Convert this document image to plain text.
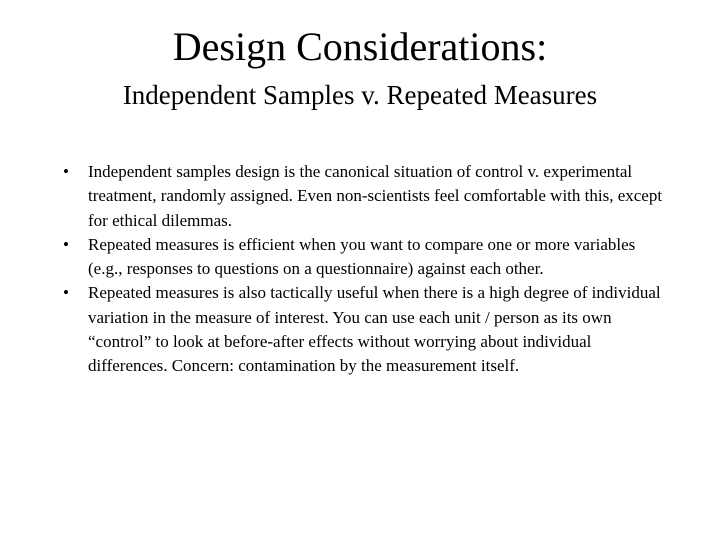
Design Considerations:
Independent Samples v. Repeated Measures
•	Independent samples design is the canonical situation of control v. experimental treatment, randomly assigned. Even non-scientists feel comfortable with this, except for ethical dilemmas.
•	Repeated measures is efficient when you want to compare one or more variables (e.g., responses to questions on a questionnaire) against each other.
•	Repeated measures is also tactically useful when there is a high degree of individual variation in the measure of interest. You can use each unit / person as its own “control” to look at before-after effects without worrying about individual differences. Concern: contamination by the measurement itself.
